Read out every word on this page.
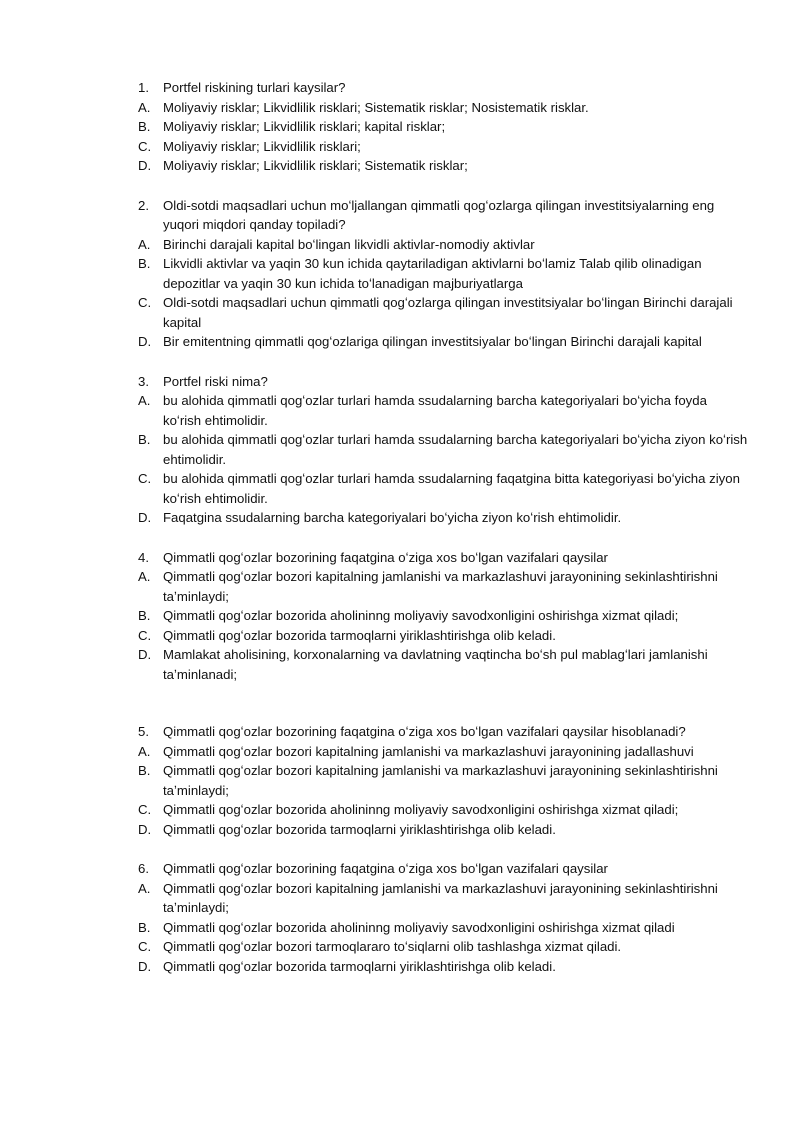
1.	Portfel riskining turlari kaysilar?
A. Moliyaviy risklar; Likvidlilik risklari; Sistematik risklar; Nosistematik risklar.
B. Moliyaviy risklar; Likvidlilik risklari; kapital risklar;
C. Moliyaviy risklar; Likvidlilik risklari;
D. Moliyaviy risklar; Likvidlilik risklari; Sistematik risklar;
2.	Oldi-sotdi maqsadlari uchun moʻljallangan qimmatli qogʻozlarga qilingan investitsiyalarning eng yuqori miqdori qanday topiladi?
A. Birinchi darajali kapital boʻlingan likvidli aktivlar-nomodiy aktivlar
B. Likvidli aktivlar va yaqin 30 kun ichida qaytariladigan aktivlarni boʻlamiz Talab qilib olinadigan depozitlar va yaqin 30 kun ichida toʻlanadigan majburiyatlarga
C. Oldi-sotdi maqsadlari uchun qimmatli qogʻozlarga qilingan investitsiyalar boʻlingan Birinchi darajali kapital
D. Bir emitentning qimmatli qogʻozlariga qilingan investitsiyalar boʻlingan Birinchi darajali kapital
3.	Portfel riski nima?
A. bu alohida qimmatli qogʻozlar turlari hamda ssudalarning barcha kategoriyalari boʻyicha foyda koʻrish ehtimolidir.
B. bu alohida qimmatli qogʻozlar turlari hamda ssudalarning barcha kategoriyalari boʻyicha ziyon koʻrish ehtimolidir.
C. bu alohida qimmatli qogʻozlar turlari hamda ssudalarning faqatgina bitta kategoriyasi boʻyicha ziyon koʻrish ehtimolidir.
D. Faqatgina ssudalarning barcha kategoriyalari boʻyicha ziyon koʻrish ehtimolidir.
4.	Qimmatli qogʻozlar bozorining faqatgina oʻziga xos boʻlgan vazifalari qaysilar
A. Qimmatli qogʻozlar bozori kapitalning jamlanishi va markazlashuvi jarayonining sekinlashtirishni taʼminlaydi;
B. Qimmatli qogʻozlar bozorida aholininng moliyaviy savodxonligini oshirishga xizmat qiladi;
C. Qimmatli qogʻozlar bozorida tarmoqlarni yiriklashtirishga olib keladi.
D. Mamlakat aholisining, korxonalarning va davlatning vaqtincha boʻsh pul mablagʻlari jamlanishi taʼminlanadi;
5.	Qimmatli qogʻozlar bozorining faqatgina oʻziga xos boʻlgan vazifalari qaysilar hisoblanadi?
A. Qimmatli qogʻozlar bozori kapitalning jamlanishi va markazlashuvi jarayonining jadallashuvi
B. Qimmatli qogʻozlar bozori kapitalning jamlanishi va markazlashuvi jarayonining sekinlashtirishni taʼminlaydi;
C. Qimmatli qogʻozlar bozorida aholininng moliyaviy savodxonligini oshirishga xizmat qiladi;
D. Qimmatli qogʻozlar bozorida tarmoqlarni yiriklashtirishga olib keladi.
6.	Qimmatli qogʻozlar bozorining faqatgina oʻziga xos boʻlgan vazifalari qaysilar
A. Qimmatli qogʻozlar bozori kapitalning jamlanishi va markazlashuvi jarayonining sekinlashtirishni taʼminlaydi;
B. Qimmatli qogʻozlar bozorida aholininng moliyaviy savodxonligini oshirishga xizmat qiladi
C. Qimmatli qogʻozlar bozori tarmoqlararo toʻsiqlarni olib tashlashga xizmat qiladi.
D. Qimmatli qogʻozlar bozorida tarmoqlarni yiriklashtirishga olib keladi.
